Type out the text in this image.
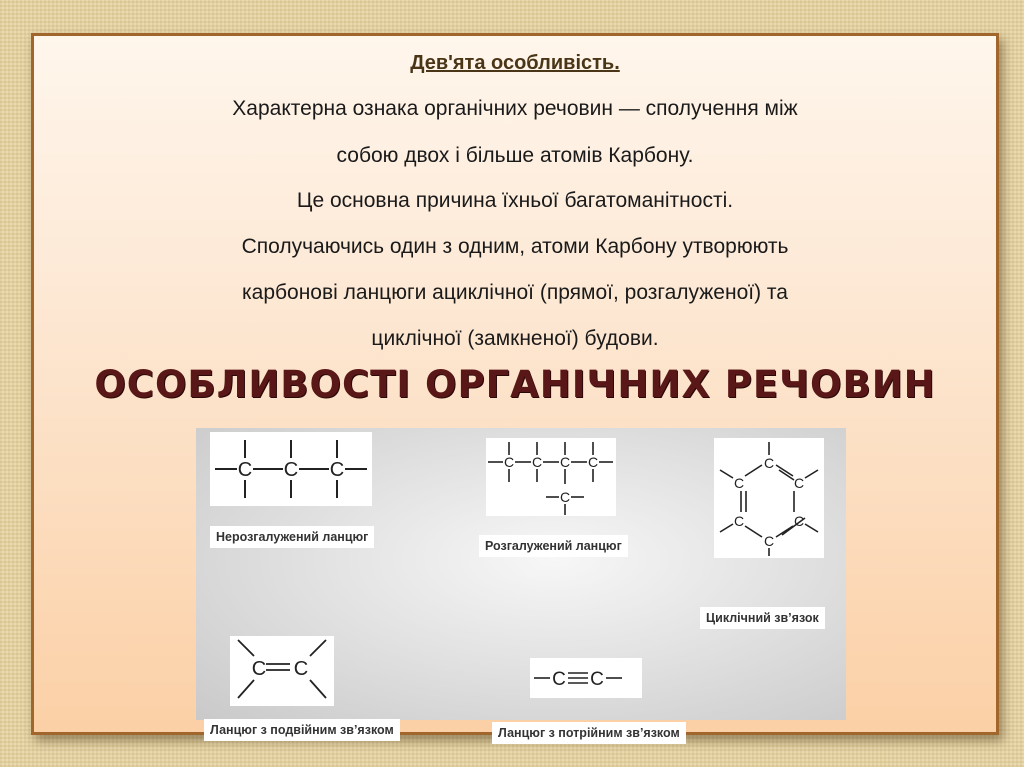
Дев'ята особливість.
Характерна ознака органічних речовин — сполучення між
собою двох і більше атомів Карбону.
Це основна причина їхньої багатоманітності.
Сполучаючись один з одним, атоми Карбону утворюють
карбонові ланцюги ациклічної (прямої, розгалуженої) та
циклічної (замкненої) будови.
ОСОБЛИВОСТІ ОРГАНІЧНИХ РЕЧОВИН
C C C
Нерозгалужений ланцюг
C C C C
C
Розгалужений ланцюг
C
C	C
C	C
C
Циклічний зв’язок
C C
Ланцюг з подвійним зв’язком
C C
Ланцюг з потрійним зв’язком
